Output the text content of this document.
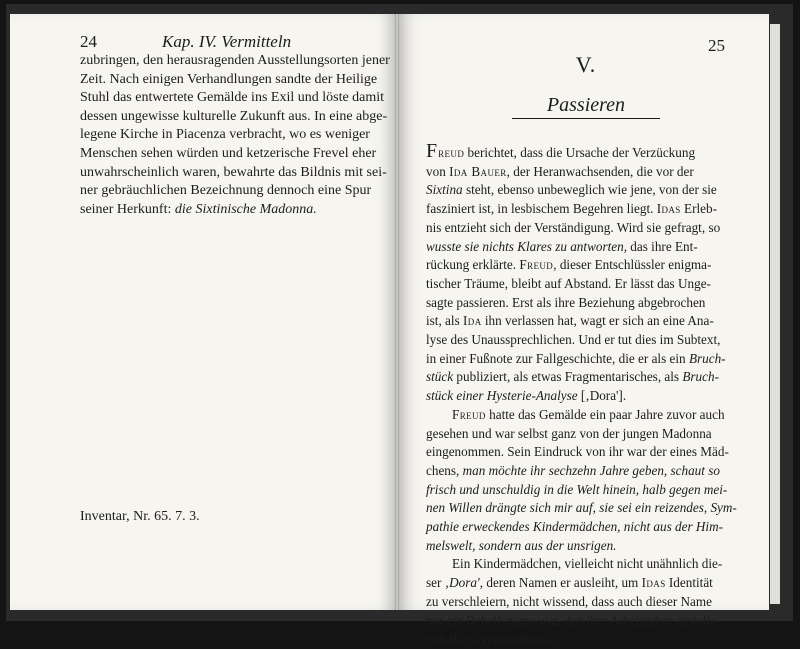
24	Kap. IV. Vermitteln
zubringen, den herausragenden Ausstellungsorten jener
Zeit. Nach einigen Verhandlungen sandte der Heilige
Stuhl das entwertete Gemälde ins Exil und löste damit
dessen ungewisse kulturelle Zukunft aus. In eine abge-
legene Kirche in Piacenza verbracht, wo es weniger
Menschen sehen würden und ketzerische Frevel eher
unwahrscheinlich waren, bewahrte das Bildnis mit sei-
ner gebräuchlichen Bezeichnung dennoch eine Spur
seiner Herkunft: die Sixtinische Madonna.
Inventar, Nr. 65. 7. 3.
25
V.
Passieren
Freud berichtet, dass die Ursache der Verzückung
von Ida Bauer, der Heranwachsenden, die vor der
Sixtina steht, ebenso unbeweglich wie jene, von der sie
fasziniert ist, in lesbischem Begehren liegt. Idas Erleb-
nis entzieht sich der Verständigung. Wird sie gefragt, so
wusste sie nichts Klares zu antworten, das ihre Ent-
rückung erklärte. Freud, dieser Entschlüssler enigma-
tischer Träume, bleibt auf Abstand. Er lässt das Unge-
sagte passieren. Erst als ihre Beziehung abgebrochen
ist, als Ida ihn verlassen hat, wagt er sich an eine Ana-
lyse des Unaussprechlichen. Und er tut dies im Subtext,
in einer Fußnote zur Fallgeschichte, die er als ein Bruch-
stück publiziert, als etwas Fragmentarisches, als Bruch-
stück einer Hysterie-Analyse [‚Dora'].
Freud hatte das Gemälde ein paar Jahre zuvor auch
gesehen und war selbst ganz von der jungen Madonna
eingenommen. Sein Eindruck von ihr war der eines Mäd-
chens, man möchte ihr sechzehn Jahre geben, schaut so
frisch und unschuldig in die Welt hinein, halb gegen mei-
nen Willen drängte sich mir auf, sie sei ein reizendes, Sym-
pathie erweckendes Kindermädchen, nicht aus der Him-
melswelt, sondern aus der unsrigen.
Ein Kindermädchen, vielleicht nicht unähnlich die-
ser ‚Dora', deren Namen er ausleiht, um Idas Identität
zu verschleiern, nicht wissend, dass auch dieser Name
nur ein Behelfsname war, den ihre Arbeitgeber anstelle
von Rosa verwendeten.
